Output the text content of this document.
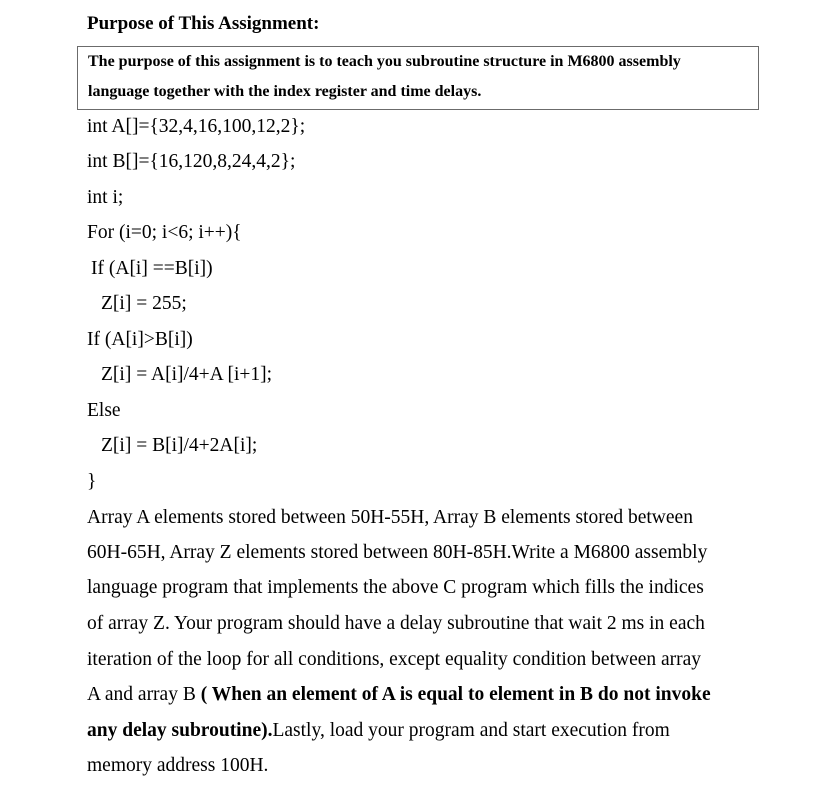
Purpose of This Assignment:
The purpose of this assignment is to teach you subroutine structure in M6800 assembly
language together with the index register and time delays.
int A[]={32,4,16,100,12,2};
int B[]={16,120,8,24,4,2};
int i;
For (i=0; i<6; i++){
If (A[i] ==B[i])
Z[i] = 255;
If (A[i]>B[i])
Z[i] = A[i]/4+A [i+1];
Else
Z[i] = B[i]/4+2A[i];
}
Array A elements stored between 50H-55H, Array B elements stored between
60H-65H, Array Z elements stored between 80H-85H.Write a M6800 assembly
language program that implements the above C program which fills the indices
of array Z. Your program should have a delay subroutine that wait 2 ms in each
iteration of the loop for all conditions, except equality condition between array
A and array B ( When an element of A is equal to element in B do not invoke
any delay subroutine).Lastly, load your program and start execution from
memory address 100H.
